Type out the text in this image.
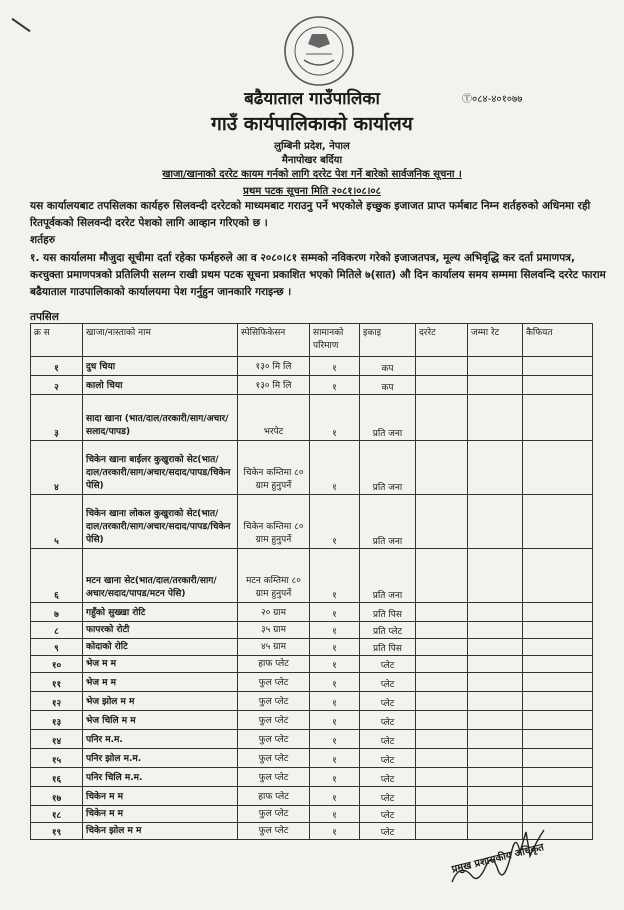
बढैयाताल गाउँपालिका	Ⓣ०८४-४०१०७७
गाउँ कार्यपालिकाको कार्यालय
लुम्बिनी प्रदेश, नेपाल
मैनापोखर बर्दिया
खाजा/खानाको दररेट कायम गर्नको लागि दररेट पेश गर्ने बारेको सार्वजनिक सूचना ।
प्रथम पटक सूचना मिति २०८१।०८।०८
यस कार्यालयबाट तपसिलका कार्यहरु सिलवन्दी दररेटको माध्यमबाट गराउनु पर्ने भएकोले इच्छुक इजाजत प्राप्त फर्मबाट निम्न शर्तहरुको अधिनमा रही रितपूर्वकको सिलवन्दी दररेट पेशको लागि आव्हान गरिएको छ ।
शर्तहरु
१. यस कार्यालमा मौजुदा सूचीमा दर्ता रहेका फर्महरुले आ व २०८०।८१ सम्मको नविकरण गरेको इजाजतपत्र, मूल्य अभिवृद्धि कर दर्ता प्रमाणपत्र, करचुक्ता प्रमाणपत्रको प्रतिलिपी सलग्न राखी प्रथम पटक सूचना प्रकाशित भएको मितिले ७(सात) औ दिन कार्यालय समय सम्ममा सिलवन्दि दररेट फाराम बढैयाताल गाउपालिकाको कार्यालयमा पेश गर्नुहुन जानकारि गराइन्छ ।
तपसिल
क्र स	खाजा/नास्ताको नाम	स्पेसिफिकेसन	सामानको परिमाण	इकाइ	दररेट	जम्मा रेट	कैफियत
१	दुध चिया	१३० मि लि	१	कप			
२	कालो चिया	१३० मि लि	१	कप			
३	सादा खाना (भात/दाल/तरकारी/साग/अचार/सलाद/पापड)	भरपेट	१	प्रति जना			
४	चिकेन खाना बाईलर कुखुराको सेट(भात/दाल/तरकारी/साग/अचार/सदाद/पापड/चिकेन पेसि)	चिकेन कम्तिमा ८० ग्राम हुनुपर्ने	१	प्रति जना			
५	चिकेन खाना लोकल कुखुराको सेट(भात/दाल/तरकारी/साग/अचार/सदाद/पापड/चिकेन पेसि)	चिकेन कम्तिमा ८० ग्राम हुनुपर्ने	१	प्रति जना			
६	मटन खाना सेट(भात/दाल/तरकारी/साग/अचार/सदाद/पापड/मटन पेसि)	मटन कम्तिमा ८० ग्राम हुनुपर्ने	१	प्रति जना			
७	गहुँको सुख्खा रोटि	२० ग्राम	१	प्रति पिस			
८	फापरको रोटी	३५ ग्राम	१	प्रति प्लेट			
९	कोदाको रोटि	४५ ग्राम	१	प्रति पिस			
१०	भेज म म	हाफ प्लेट	१	प्लेट			
११	भेज म म	फुल प्लेट	१	प्लेट			
१२	भेज झोल म म	फुल प्लेट	१	प्लेट			
१३	भेज चिलि म म	फुल प्लेट	१	प्लेट			
१४	पनिर म.म.	फुल प्लेट	१	प्लेट			
१५	पनिर झोल म.म.	फुल प्लेट	१	प्लेट			
१६	पनिर चिलि म.म.	फुल प्लेट	१	प्लेट			
१७	चिकेन म म	हाफ प्लेट	१	प्लेट			
१८	चिकेन म म	फुल प्लेट	१	प्लेट			
१९	चिकेन झोल म म	फुल प्लेट	१	प्लेट			
प्रमुख प्रशासकीय अधिकृत
